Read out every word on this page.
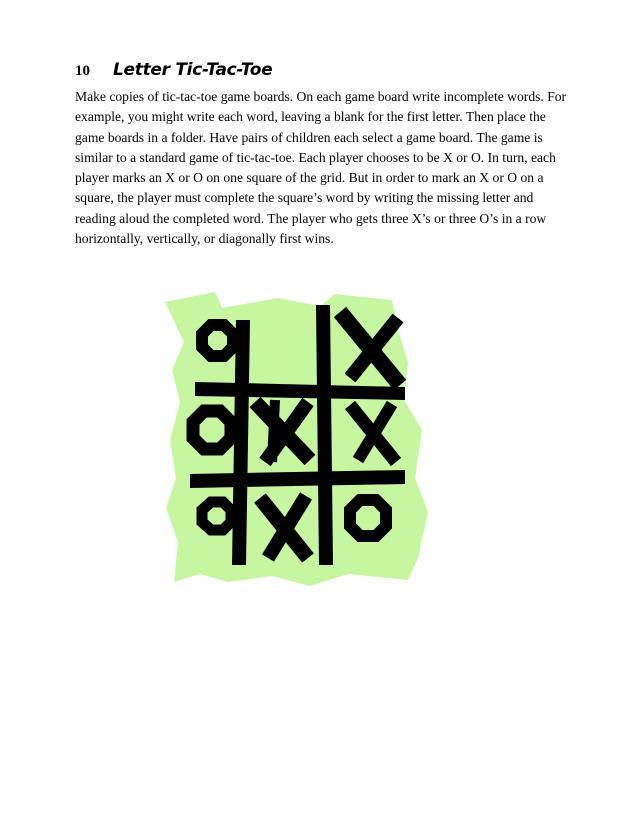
10	Letter Tic-Tac-Toe

Make copies of tic-tac-toe game boards. On each game board write incomplete words. For example, you might write each word, leaving a blank for the first letter. Then place the game boards in a folder. Have pairs of children each select a game board. The game is similar to a standard game of tic-tac-toe. Each player chooses to be X or O. In turn, each player marks an X or O on one square of the grid. But in order to mark an X or O on a square, the player must complete the square’s word by writing the missing letter and reading aloud the completed word. The player who gets three X’s or three O’s in a row horizontally, vertically, or diagonally first wins.
